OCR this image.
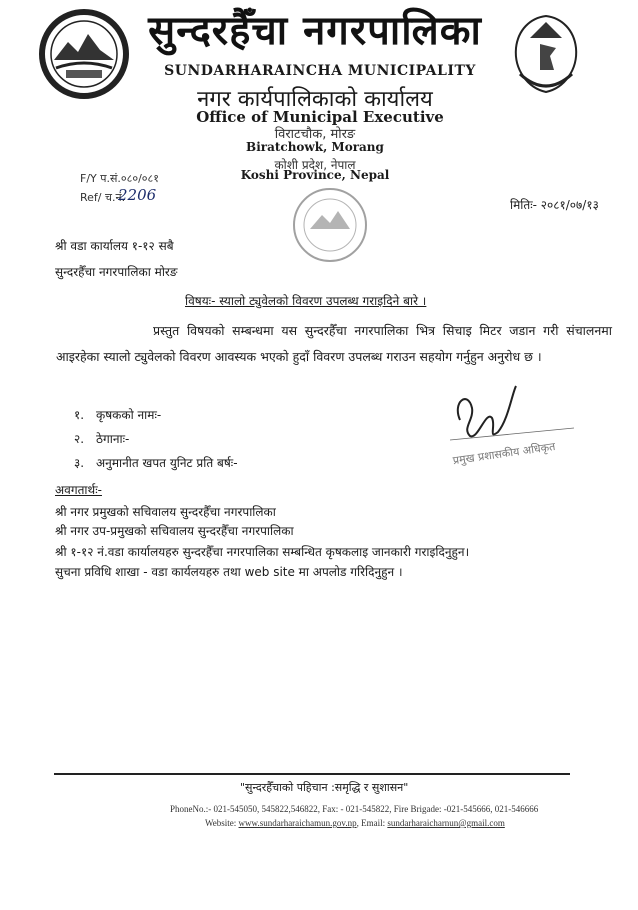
सुन्दरहैँचा नगरपालिका
SUNDARHARAINCHA MUNICIPALITY
नगर कार्यपालिकाको कार्यालय
Office of Municipal Executive
विराटचौक, मोरङ
Biratchowk, Morang
कोशी प्रदेश, नेपाल
Koshi Province, Nepal
F/Y प.सं.०८०/०८१
Ref/ च.नं.
2206
मितिः- २०८१/०७/१३
श्री वडा कार्यालय १-१२ सबै
सुन्दरहैँचा नगरपालिका मोरङ
विषयः- स्यालो ट्युवेलको विवरण उपलब्ध गराइदिने बारे ।
प्रस्तुत विषयको सम्बन्धमा यस सुन्दरहैँचा नगरपालिका भित्र सिचाइ मिटर जडान गरी संचालनमा आइरहेका स्यालो ट्युवेलको विवरण आवस्यक भएको हुदाँ विवरण उपलब्ध गराउन सहयोग गर्नुहुन अनुरोध छ ।
१. कृषकको नामः-
२. ठेगानाः-
३. अनुमानीत खपत युनिट प्रति बर्षः-	प्रमुख प्रशासकीय अधिकृत
अवगतार्थः-
श्री नगर प्रमुखको सचिवालय सुन्दरहैँचा नगरपालिका
श्री नगर उप-प्रमुखको सचिवालय सुन्दरहैँचा नगरपालिका
श्री १-१२ नं.वडा कार्यालयहरु सुन्दरहैँचा नगरपालिका सम्बन्धित कृषकलाइ जानकारी गराइदिनुहुन।
सुचना प्रविधि शाखा - वडा कार्यलयहरु तथा web site मा अपलोड गरिदिनुहुन ।
"सुन्दरहैँचाको पहिचान :समृद्धि र सुशासन"
PhoneNo.:- 021-545050, 545822,546822, Fax: - 021-545822, Fire Brigade: -021-545666, 021-546666
Website: www.sundarharaichamun.gov.np, Email: sundarharaicharnun@gmail.com
